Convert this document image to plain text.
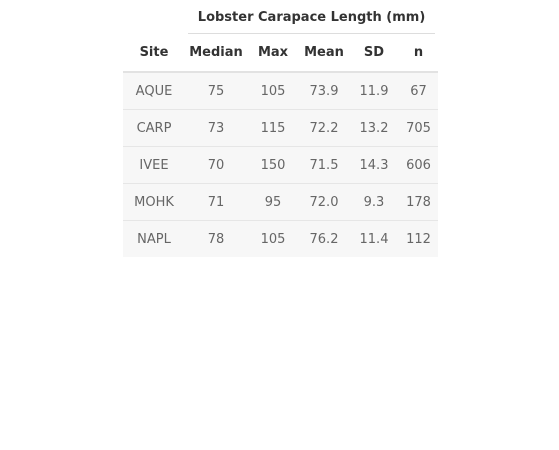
	Lobster Carapace Length (mm)				

Site	Median	Max	Mean	SD	n
AQUE	75	105	73.9	11.9	67
CARP	73	115	72.2	13.2	705
IVEE	70	150	71.5	14.3	606
MOHK	71	95	72.0	9.3	178
NAPL	78	105	76.2	11.4	112
